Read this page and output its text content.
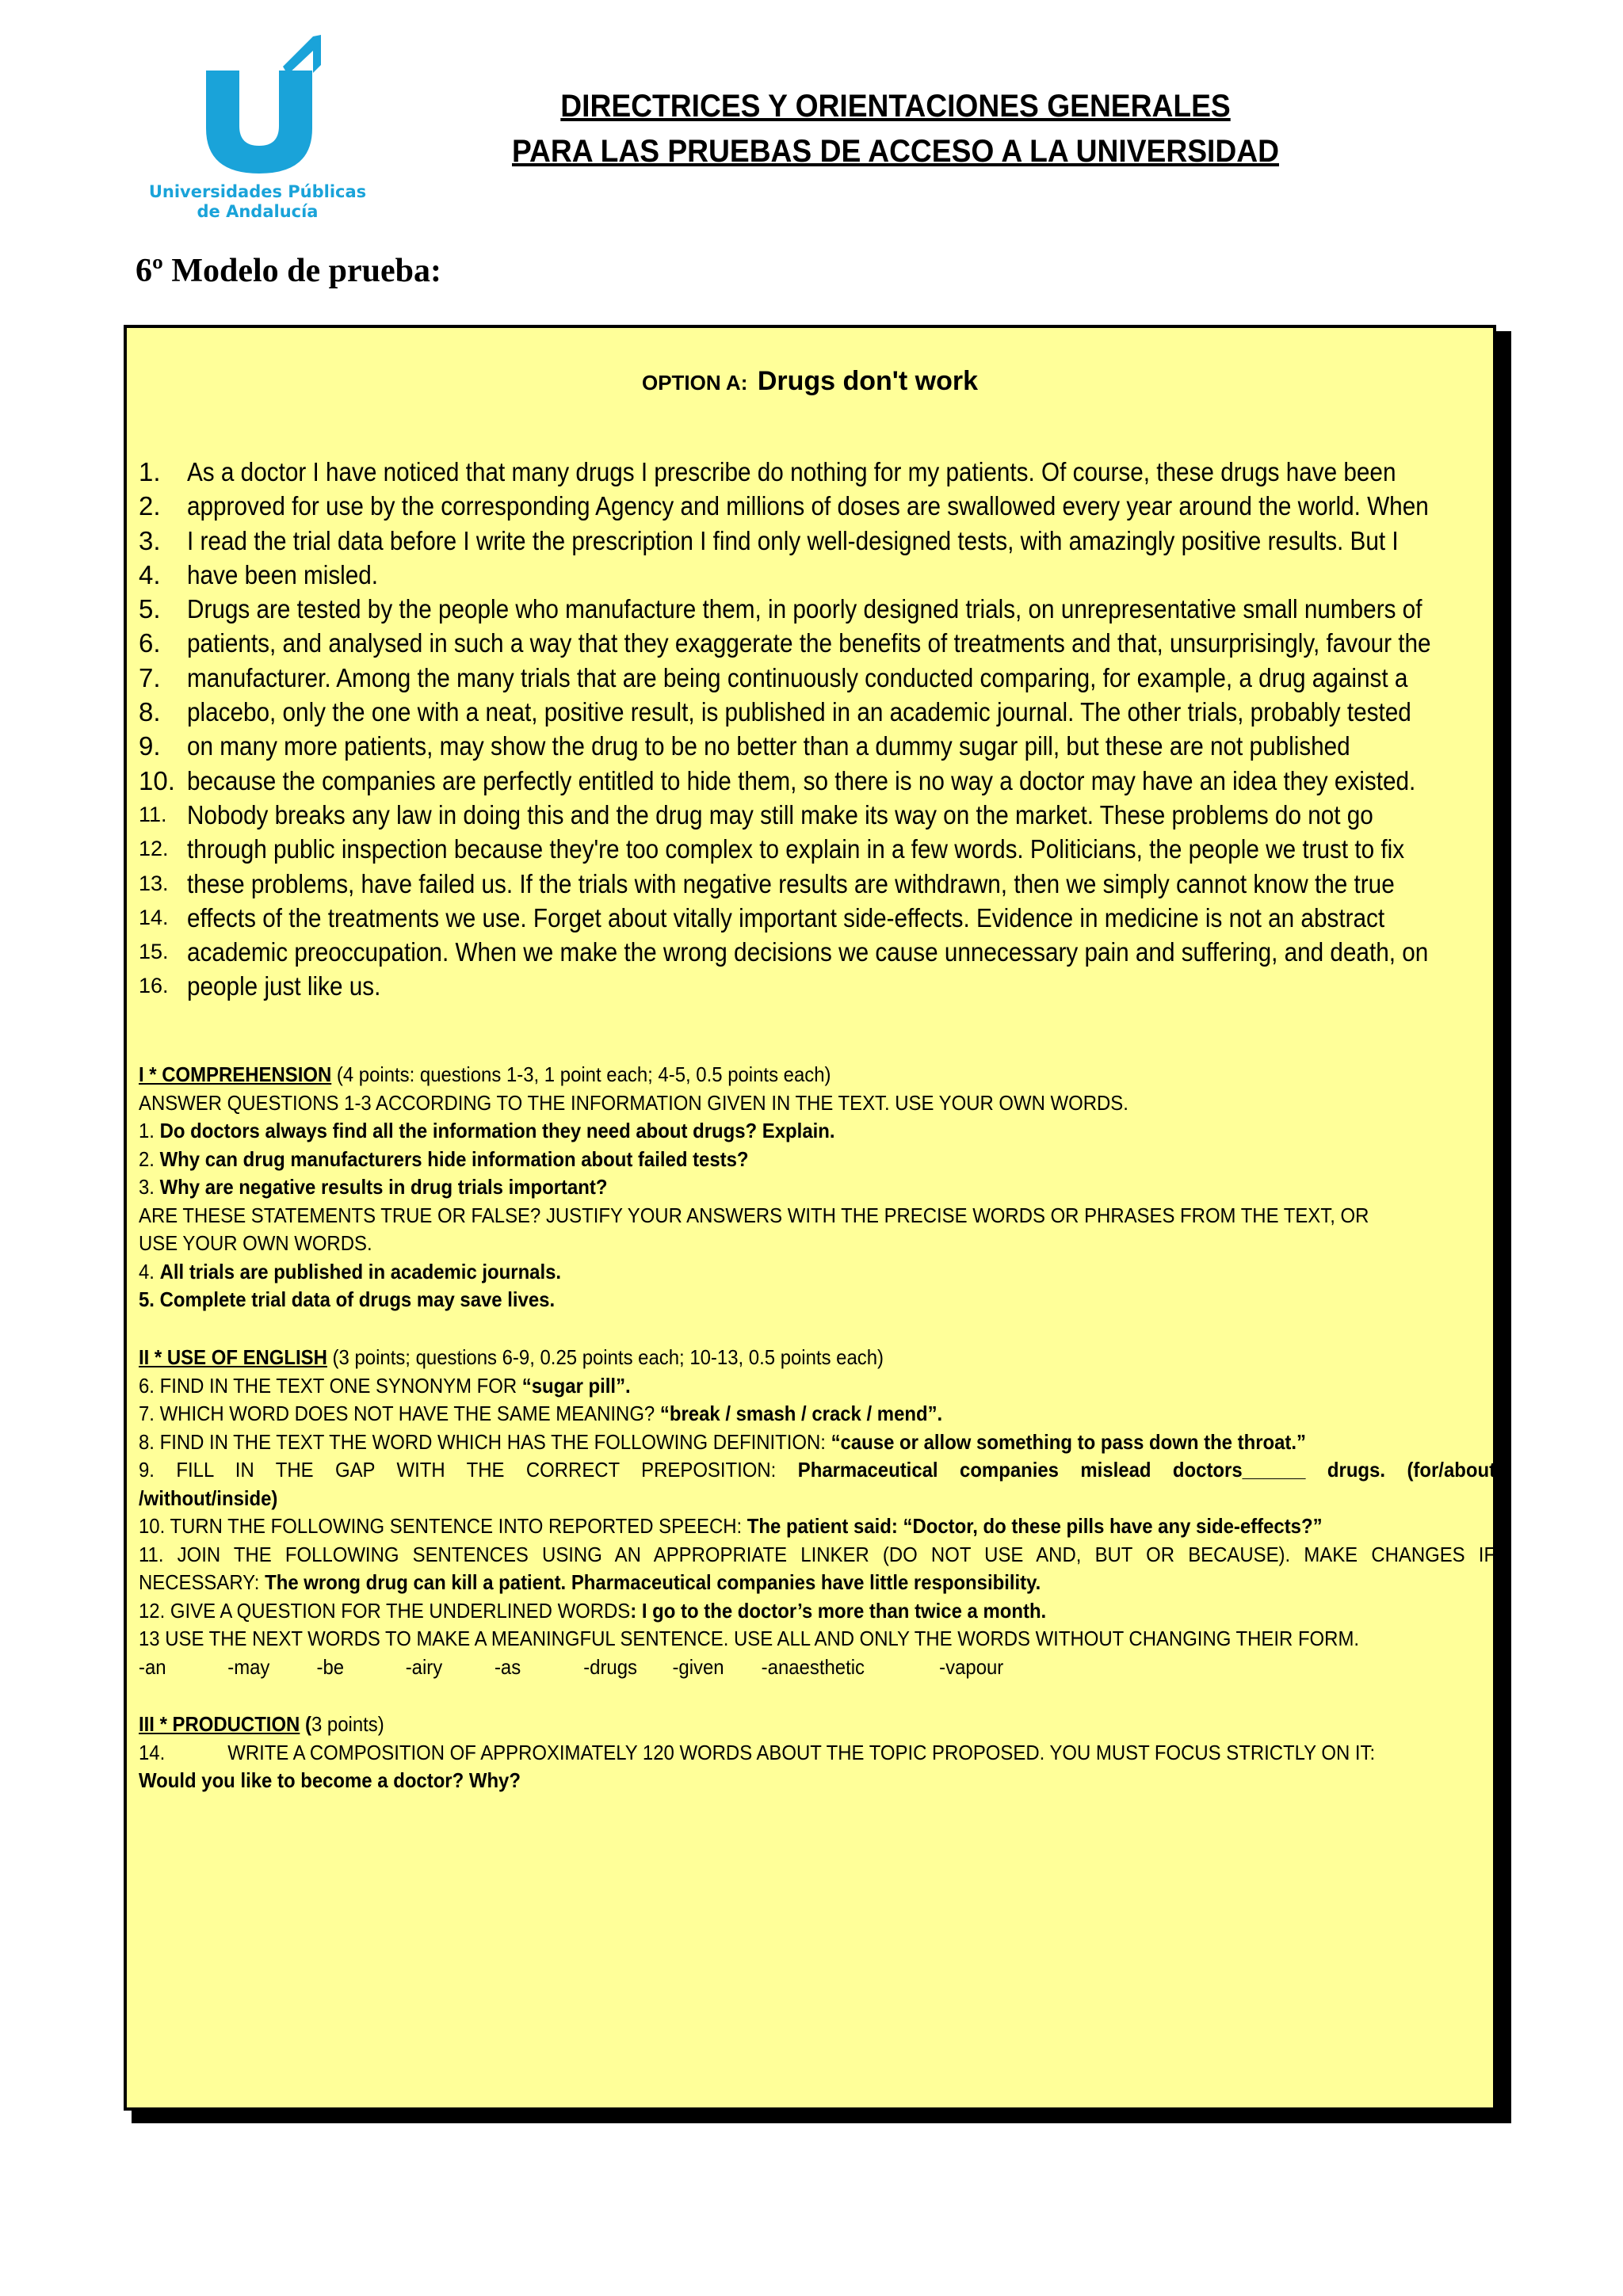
Universidades Públicas
de Andalucía
DIRECTRICES Y ORIENTACIONES GENERALES
PARA LAS PRUEBAS DE ACCESO A LA UNIVERSIDAD
6º Modelo de prueba:
OPTION A: Drugs don't work
1. As a doctor I have noticed that many drugs I prescribe do nothing for my patients. Of course, these drugs have been
2. approved for use by the corresponding Agency and millions of doses are swallowed every year around the world. When
3. I read the trial data before I write the prescription I find only well-designed tests, with amazingly positive results. But I
4. have been misled.
5. Drugs are tested by the people who manufacture them, in poorly designed trials, on unrepresentative small numbers of
6. patients, and analysed in such a way that they exaggerate the benefits of treatments and that, unsurprisingly, favour the
7. manufacturer. Among the many trials that are being continuously conducted comparing, for example, a drug against a
8. placebo, only the one with a neat, positive result, is published in an academic journal. The other trials, probably tested
9. on many more patients, may show the drug to be no better than a dummy sugar pill, but these are not published
10. because the companies are perfectly entitled to hide them, so there is no way a doctor may have an idea they existed.
11. Nobody breaks any law in doing this and the drug may still make its way on the market. These problems do not go
12. through public inspection because they're too complex to explain in a few words. Politicians, the people we trust to fix
13. these problems, have failed us. If the trials with negative results are withdrawn, then we simply cannot know the true
14. effects of the treatments we use. Forget about vitally important side-effects. Evidence in medicine is not an abstract
15. academic preoccupation. When we make the wrong decisions we cause unnecessary pain and suffering, and death, on
16. people just like us.
I * COMPREHENSION (4 points: questions 1-3, 1 point each; 4-5, 0.5 points each)
ANSWER QUESTIONS 1-3 ACCORDING TO THE INFORMATION GIVEN IN THE TEXT. USE YOUR OWN WORDS.
1. Do doctors always find all the information they need about drugs? Explain.
2. Why can drug manufacturers hide information about failed tests?
3. Why are negative results in drug trials important?
ARE THESE STATEMENTS TRUE OR FALSE? JUSTIFY YOUR ANSWERS WITH THE PRECISE WORDS OR PHRASES FROM THE TEXT, OR
USE YOUR OWN WORDS.
4. All trials are published in academic journals.
5. Complete trial data of drugs may save lives.
II * USE OF ENGLISH (3 points; questions 6-9, 0.25 points each; 10-13, 0.5 points each)
6. FIND IN THE TEXT ONE SYNONYM FOR “sugar pill”.
7. WHICH WORD DOES NOT HAVE THE SAME MEANING? “break / smash / crack / mend”.
8. FIND IN THE TEXT THE WORD WHICH HAS THE FOLLOWING DEFINITION: “cause or allow something to pass down the throat.”
9. FILL IN THE GAP WITH THE CORRECT PREPOSITION: Pharmaceutical companies mislead doctors______ drugs. (for/about
/without/inside)
10. TURN THE FOLLOWING SENTENCE INTO REPORTED SPEECH: The patient said: “Doctor, do these pills have any side-effects?”
11. JOIN THE FOLLOWING SENTENCES USING AN APPROPRIATE LINKER (DO NOT USE AND, BUT OR BECAUSE). MAKE CHANGES IF
NECESSARY: The wrong drug can kill a patient. Pharmaceutical companies have little responsibility.
12. GIVE A QUESTION FOR THE UNDERLINED WORDS: I go to the doctor’s more than twice a month.
13 USE THE NEXT WORDS TO MAKE A MEANINGFUL SENTENCE. USE ALL AND ONLY THE WORDS WITHOUT CHANGING THEIR FORM.
-an	-may -be	-airy	-as	-drugs -given -anaesthetic	-vapour
III * PRODUCTION (3 points)
14.	WRITE A COMPOSITION OF APPROXIMATELY 120 WORDS ABOUT THE TOPIC PROPOSED. YOU MUST FOCUS STRICTLY ON IT:
Would you like to become a doctor? Why?
